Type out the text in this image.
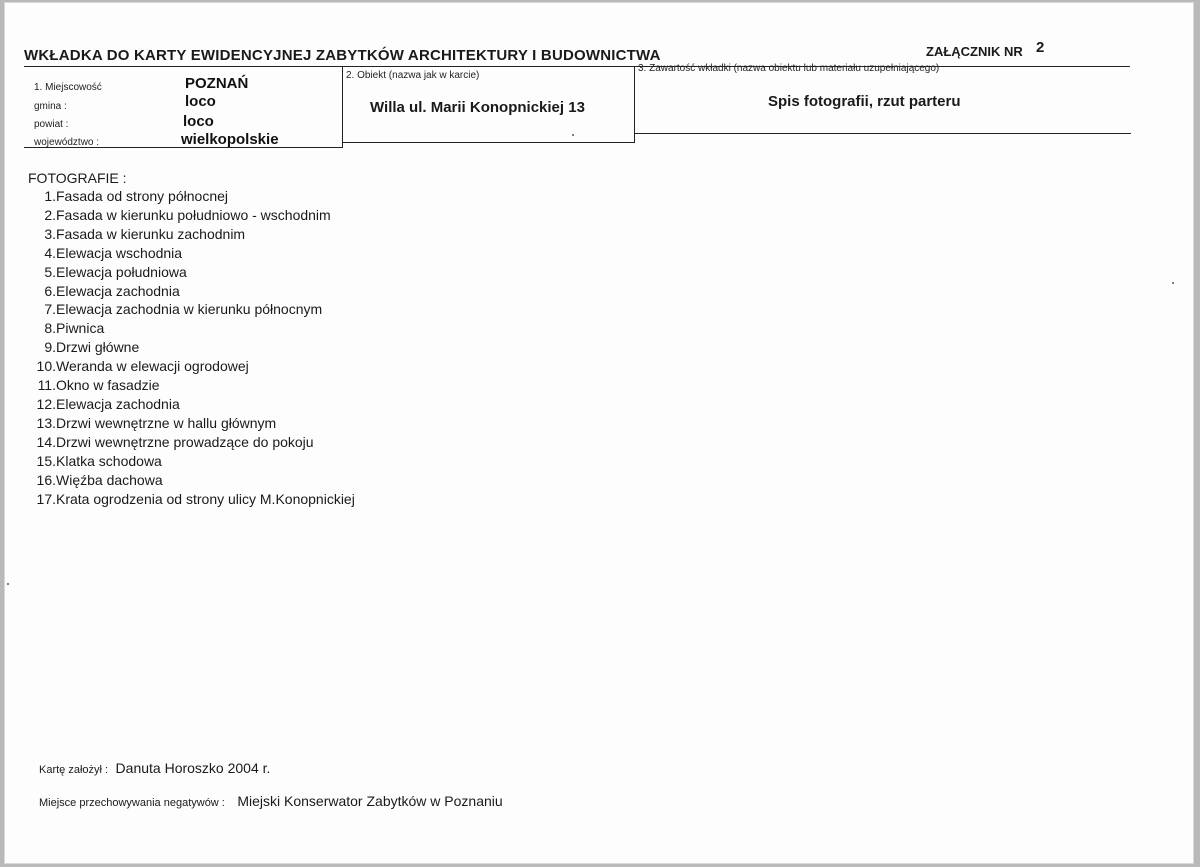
WKŁADKA DO KARTY EWIDENCYJNEJ ZABYTKÓW ARCHITEKTURY I BUDOWNICTWA	ZAŁĄCZNIK NR 2
1. Miejscowość	POZNAŃ
gmina :	loco
powiat :	loco
województwo :	wielkopolskie
2. Obiekt (nazwa jak w karcie)
Willa ul. Marii Konopnickiej 13
3. Zawartość wkładki (nazwa obiektu lub materiału uzupełniającego)
Spis fotografii, rzut parteru
FOTOGRAFIE :
1. Fasada od strony północnej
2. Fasada w kierunku południowo - wschodnim
3. Fasada w kierunku zachodnim
4. Elewacja wschodnia
5. Elewacja południowa
6. Elewacja zachodnia
7. Elewacja zachodnia w kierunku północnym
8. Piwnica
9. Drzwi główne
10. Weranda w elewacji ogrodowej
11. Okno w fasadzie
12. Elewacja zachodnia
13. Drzwi wewnętrzne w hallu głównym
14. Drzwi wewnętrzne prowadzące do pokoju
15. Klatka schodowa
16. Więźba dachowa
17. Krata ogrodzenia od strony ulicy M.Konopnickiej
Kartę założył : Danuta Horoszko 2004 r.
Miejsce przechowywania negatywów : Miejski Konserwator Zabytków w Poznaniu
